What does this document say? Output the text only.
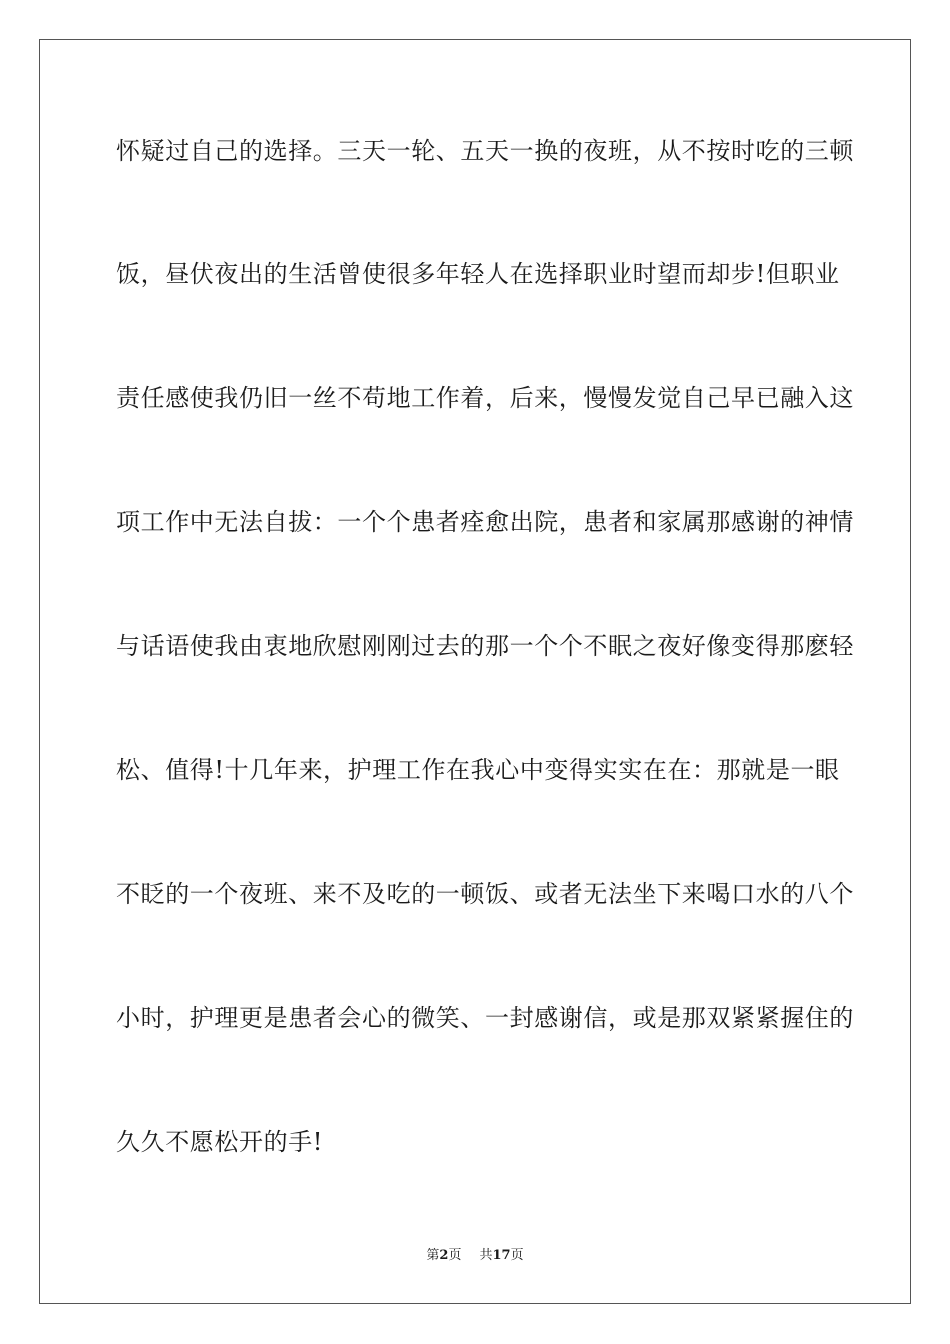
怀疑过自己的选择。三天一轮、五天一换的夜班，从不按时吃的三顿
饭，昼伏夜出的生活曾使很多年轻人在选择职业时望而却步!但职业
责任感使我仍旧一丝不苟地工作着，后来，慢慢发觉自己早已融入这
项工作中无法自拔：一个个患者痊愈出院，患者和家属那感谢的神情
与话语使我由衷地欣慰刚刚过去的那一个个不眠之夜好像变得那麽轻
松、值得!十几年来，护理工作在我心中变得实实在在：那就是一眼
不眨的一个夜班、来不及吃的一顿饭、或者无法坐下来喝口水的八个
小时，护理更是患者会心的微笑、一封感谢信，或是那双紧紧握住的
久久不愿松开的手!
第2页 共17页
